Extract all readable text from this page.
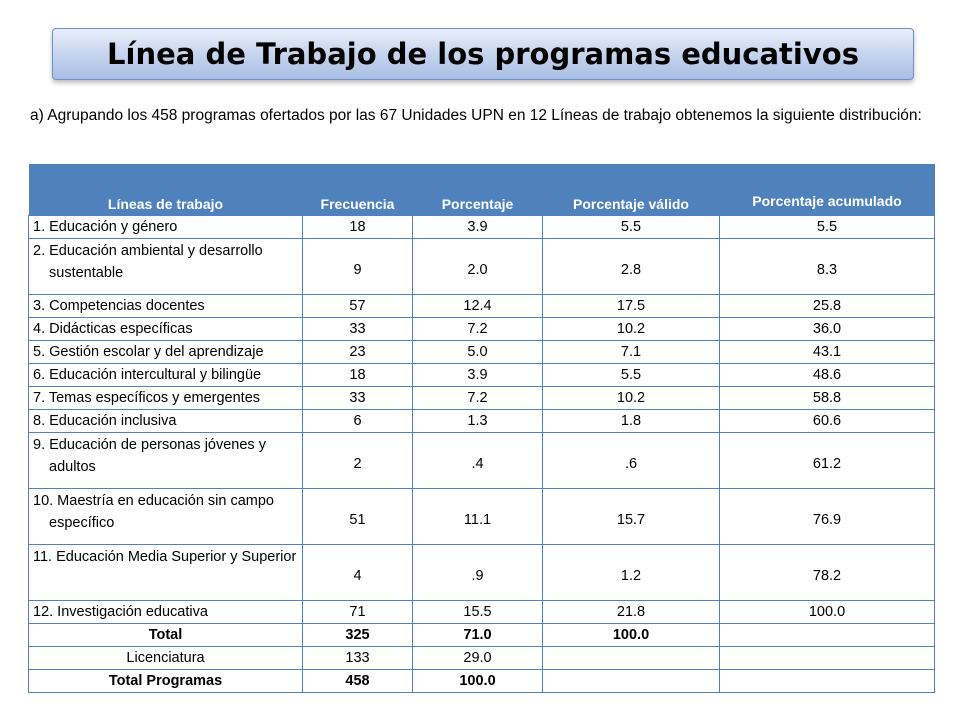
Línea de Trabajo de los programas educativos

a) Agrupando los 458 programas ofertados por las 67 Unidades UPN en 12 Líneas de trabajo obtenemos la siguiente distribución:

Líneas de trabajo	Frecuencia	Porcentaje	Porcentaje válido	Porcentaje acumulado
1. Educación y género	18	3.9	5.5	5.5
2. Educación ambiental y desarrollo sustentable	9	2.0	2.8	8.3
3. Competencias docentes	57	12.4	17.5	25.8
4. Didácticas específicas	33	7.2	10.2	36.0
5. Gestión escolar y del aprendizaje	23	5.0	7.1	43.1
6. Educación intercultural y bilingüe	18	3.9	5.5	48.6
7. Temas específicos y emergentes	33	7.2	10.2	58.8
8. Educación inclusiva	6	1.3	1.8	60.6
9. Educación de personas jóvenes y adultos	2	.4	.6	61.2
10. Maestría en educación sin campo específico	51	11.1	15.7	76.9
11. Educación Media Superior y Superior	4	.9	1.2	78.2
12. Investigación educativa	71	15.5	21.8	100.0
Total	325	71.0	100.0	
Licenciatura	133	29.0		
Total Programas	458	100.0		
